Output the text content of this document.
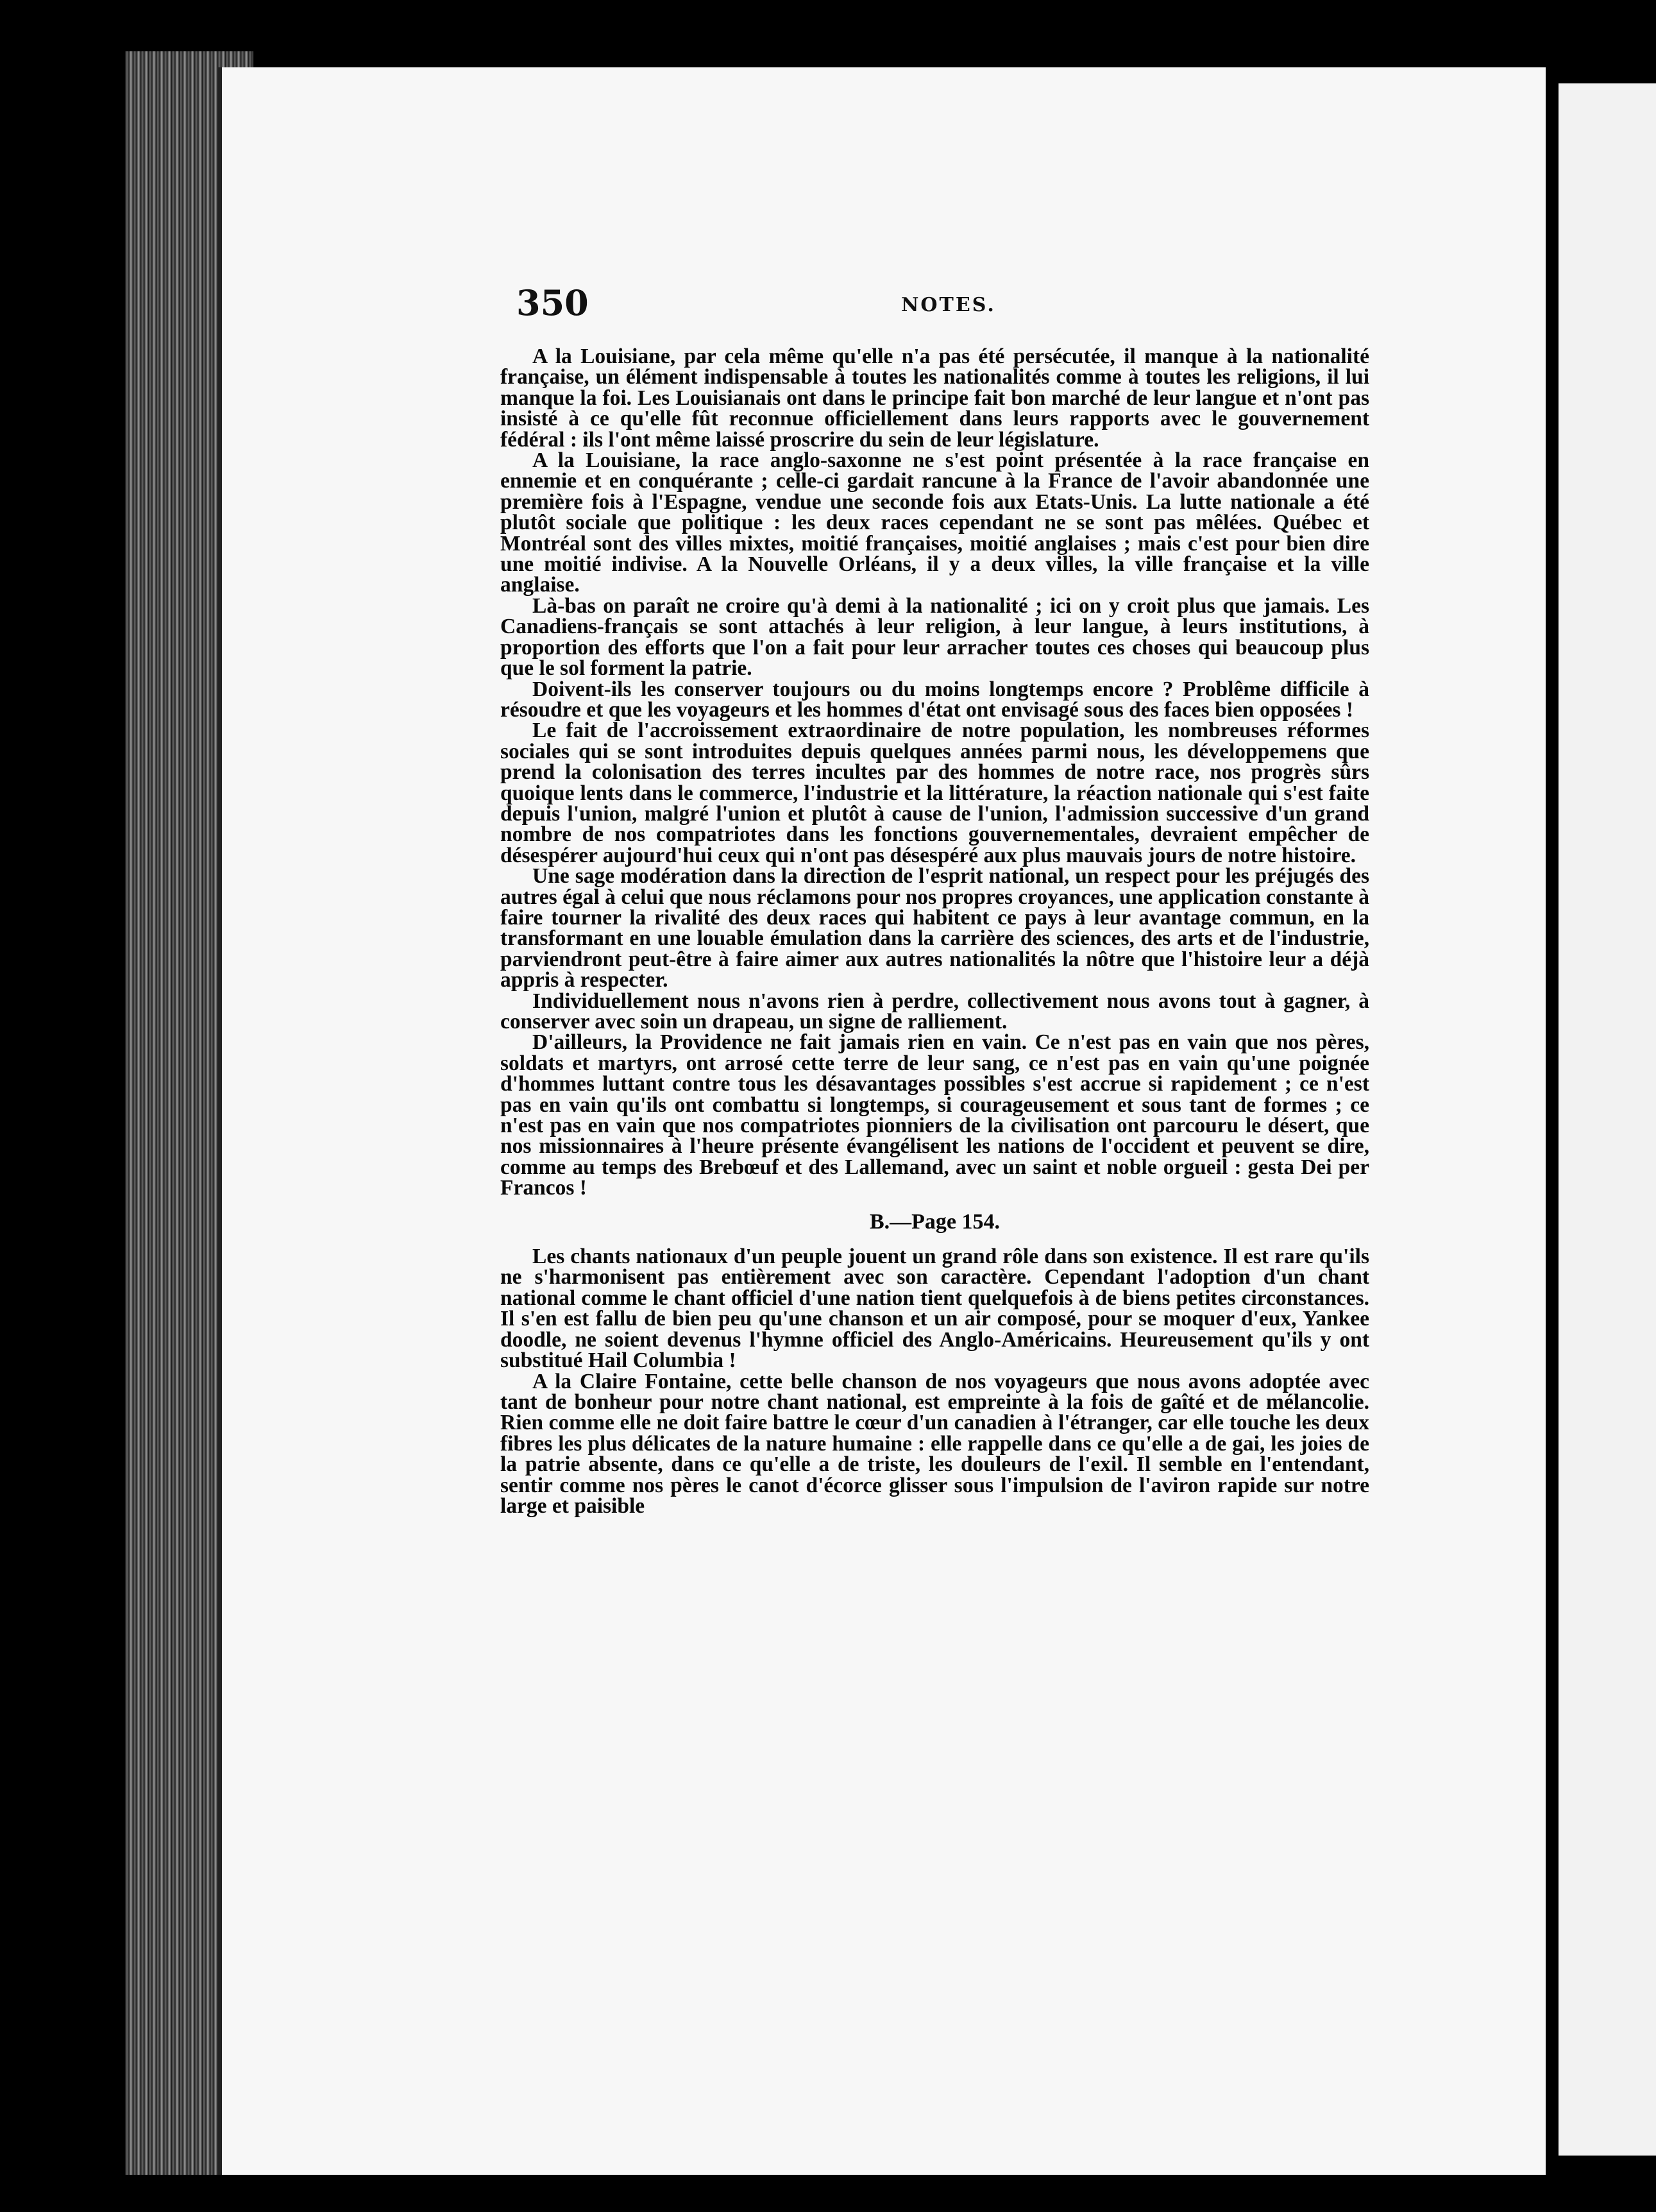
350	NOTES.

A la Louisiane, par cela même qu'elle n'a pas été persécutée, il manque à la nationalité française, un élément indispensable à toutes les nationalités comme à toutes les religions, il lui manque la foi. Les Louisianais ont dans le principe fait bon marché de leur langue et n'ont pas insisté à ce qu'elle fût reconnue officiellement dans leurs rapports avec le gouvernement fédéral : ils l'ont même laissé proscrire du sein de leur législature.

A la Louisiane, la race anglo-saxonne ne s'est point présentée à la race française en ennemie et en conquérante ; celle-ci gardait rancune à la France de l'avoir abandonnée une première fois à l'Espagne, vendue une seconde fois aux Etats-Unis. La lutte nationale a été plutôt sociale que politique : les deux races cependant ne se sont pas mêlées. Québec et Montréal sont des villes mixtes, moitié françaises, moitié anglaises ; mais c'est pour bien dire une moitié indivise. A la Nouvelle Orléans, il y a deux villes, la ville française et la ville anglaise.

Là-bas on paraît ne croire qu'à demi à la nationalité ; ici on y croit plus que jamais. Les Canadiens-français se sont attachés à leur religion, à leur langue, à leurs institutions, à proportion des efforts que l'on a fait pour leur arracher toutes ces choses qui beaucoup plus que le sol forment la patrie.

Doivent-ils les conserver toujours ou du moins longtemps encore ? Problême difficile à résoudre et que les voyageurs et les hommes d'état ont envisagé sous des faces bien opposées !

Le fait de l'accroissement extraordinaire de notre population, les nombreuses réformes sociales qui se sont introduites depuis quelques années parmi nous, les développemens que prend la colonisation des terres incultes par des hommes de notre race, nos progrès sûrs quoique lents dans le commerce, l'industrie et la littérature, la réaction nationale qui s'est faite depuis l'union, malgré l'union et plutôt à cause de l'union, l'admission successive d'un grand nombre de nos compatriotes dans les fonctions gouvernementales, devraient empêcher de désespérer aujourd'hui ceux qui n'ont pas désespéré aux plus mauvais jours de notre histoire.

Une sage modération dans la direction de l'esprit national, un respect pour les préjugés des autres égal à celui que nous réclamons pour nos propres croyances, une application constante à faire tourner la rivalité des deux races qui habitent ce pays à leur avantage commun, en la transformant en une louable émulation dans la carrière des sciences, des arts et de l'industrie, parviendront peut-être à faire aimer aux autres nationalités la nôtre que l'histoire leur a déjà appris à respecter.

Individuellement nous n'avons rien à perdre, collectivement nous avons tout à gagner, à conserver avec soin un drapeau, un signe de ralliement.

D'ailleurs, la Providence ne fait jamais rien en vain. Ce n'est pas en vain que nos pères, soldats et martyrs, ont arrosé cette terre de leur sang, ce n'est pas en vain qu'une poignée d'hommes luttant contre tous les désavantages possibles s'est accrue si rapidement ; ce n'est pas en vain qu'ils ont combattu si longtemps, si courageusement et sous tant de formes ; ce n'est pas en vain que nos compatriotes pionniers de la civilisation ont parcouru le désert, que nos missionnaires à l'heure présente évangélisent les nations de l'occident et peuvent se dire, comme au temps des Brebœuf et des Lallemand, avec un saint et noble orgueil : gesta Dei per Francos !

B.—Page 154.

Les chants nationaux d'un peuple jouent un grand rôle dans son existence. Il est rare qu'ils ne s'harmonisent pas entièrement avec son caractère. Cependant l'adoption d'un chant national comme le chant officiel d'une nation tient quelquefois à de biens petites circonstances. Il s'en est fallu de bien peu qu'une chanson et un air composé, pour se moquer d'eux, Yankee doodle, ne soient devenus l'hymne officiel des Anglo-Américains. Heureusement qu'ils y ont substitué Hail Columbia !

A la Claire Fontaine, cette belle chanson de nos voyageurs que nous avons adoptée avec tant de bonheur pour notre chant national, est empreinte à la fois de gaîté et de mélancolie. Rien comme elle ne doit faire battre le cœur d'un canadien à l'étranger, car elle touche les deux fibres les plus délicates de la nature humaine : elle rappelle dans ce qu'elle a de gai, les joies de la patrie absente, dans ce qu'elle a de triste, les douleurs de l'exil. Il semble en l'entendant, sentir comme nos pères le canot d'écorce glisser sous l'impulsion de l'aviron rapide sur notre large et paisible
